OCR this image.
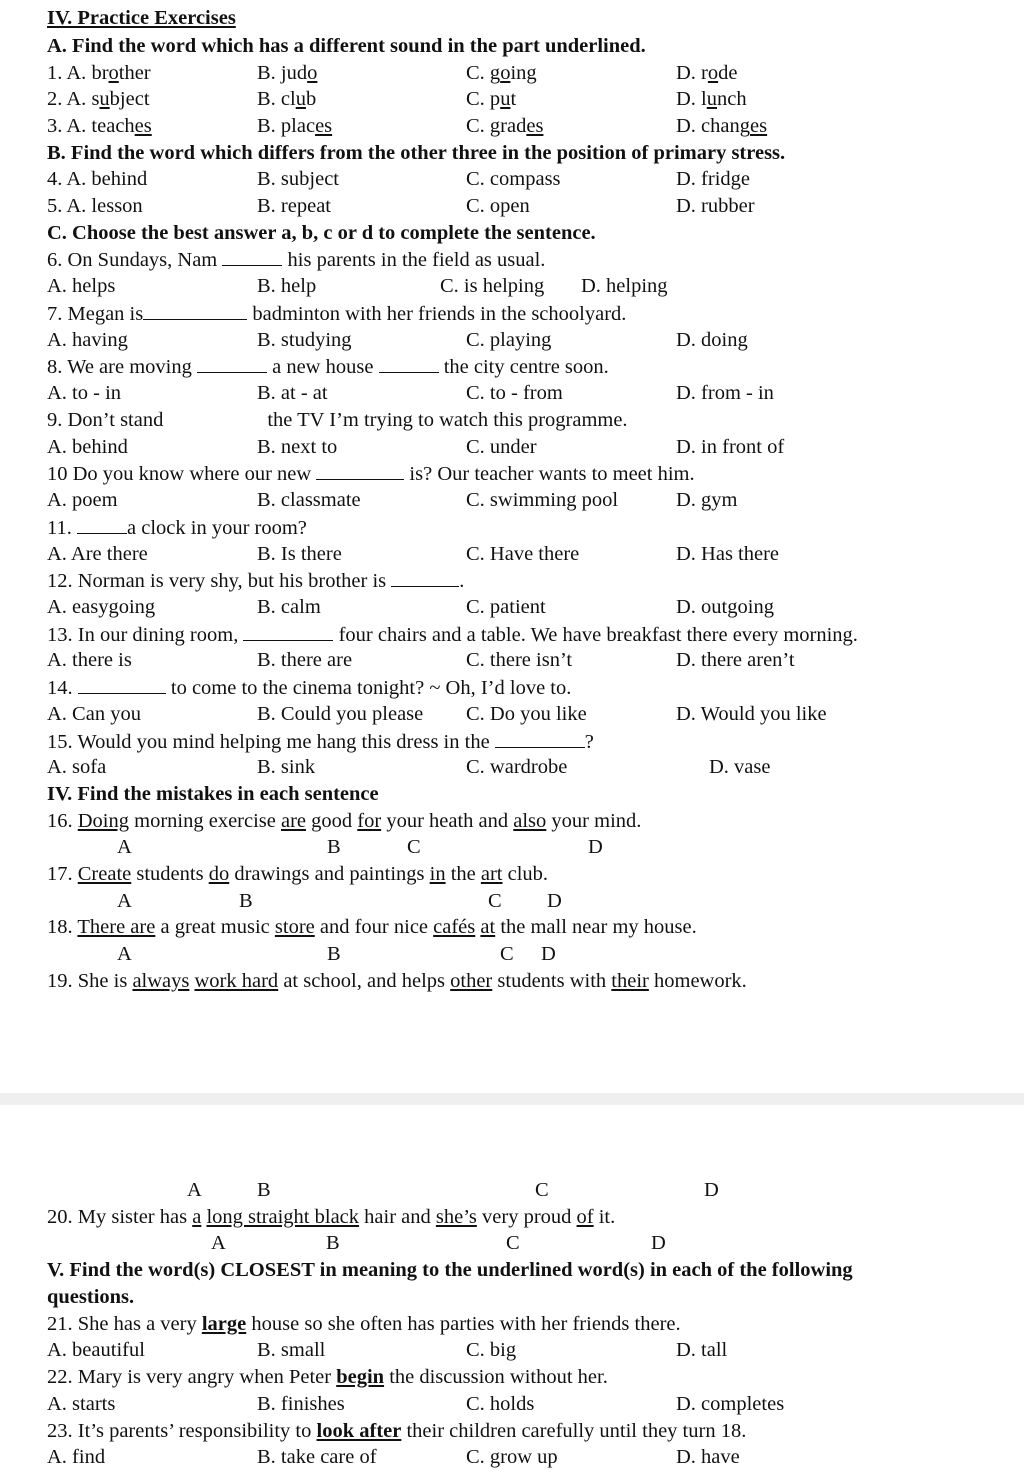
IV. Practice Exercises
A. Find the word which has a different sound in the part underlined.
1. A. brother	B. judo	C. going	D. rode
2. A. subject	B. club	C. put	D. lunch
3. A. teaches	B. places	C. grades	D. changes
B. Find the word which differs from the other three in the position of primary stress.
4. A. behind	B. subject	C. compass	D. fridge
5. A. lesson	B. repeat	C. open	D. rubber
C. Choose the best answer a, b, c or d to complete the sentence.
6. On Sundays, Nam	his parents in the field as usual.
A. helps	B. help	C. is helping D. helping
7. Megan is	badminton with her friends in the schoolyard.
A. having	B. studying	C. playing	D. doing
8. We are moving	a new house	the city centre soon.
A. to - in	B. at - at	C. to - from	D. from - in
9. Don’t stand	the TV I’m trying to watch this programme.
A. behind	B. next to	C. under	D. in front of
10 Do you know where our new	is? Our teacher wants to meet him.
A. poem	B. classmate	C. swimming pool	D. gym
11.	a clock in your room?
A. Are there	B. Is there	C. Have there	D. Has there
12. Norman is very shy, but his brother is	.
A. easygoing	B. calm	C. patient	D. outgoing
13. In our dining room,	four chairs and a table. We have breakfast there every morning.
A. there is	B. there are	C. there isn’t	D. there aren’t
14.	to come to the cinema tonight? ~ Oh, I’d love to.
A. Can you	B. Could you please C. Do you like	D. Would you like
15. Would you mind helping me hang this dress in the	?
A. sofa	B. sink	C. wardrobe	D. vase
IV. Find the mistakes in each sentence
16. Doing morning exercise are good for your heath and also your mind.
A	B	C	D
17. Create students do drawings and paintings in the art club.
A	B	C D
18. There are a great music store and four nice cafés at the mall near my house.
A	B	C D
19. She is always work hard at school, and helps other students with their homework.
A	B	C	D
20. My sister has a long straight black hair and she’s very proud of it.
A	B	C	D
V. Find the word(s) CLOSEST in meaning to the underlined word(s) in each of the following
questions.
21. She has a very large house so she often has parties with her friends there.
A. beautiful	B. small	C. big	D. tall
22. Mary is very angry when Peter begin the discussion without her.
A. starts	B. finishes	C. holds	D. completes
23. It’s parents’ responsibility to look after their children carefully until they turn 18.
A. find	B. take care of	C. grow up	D. have
